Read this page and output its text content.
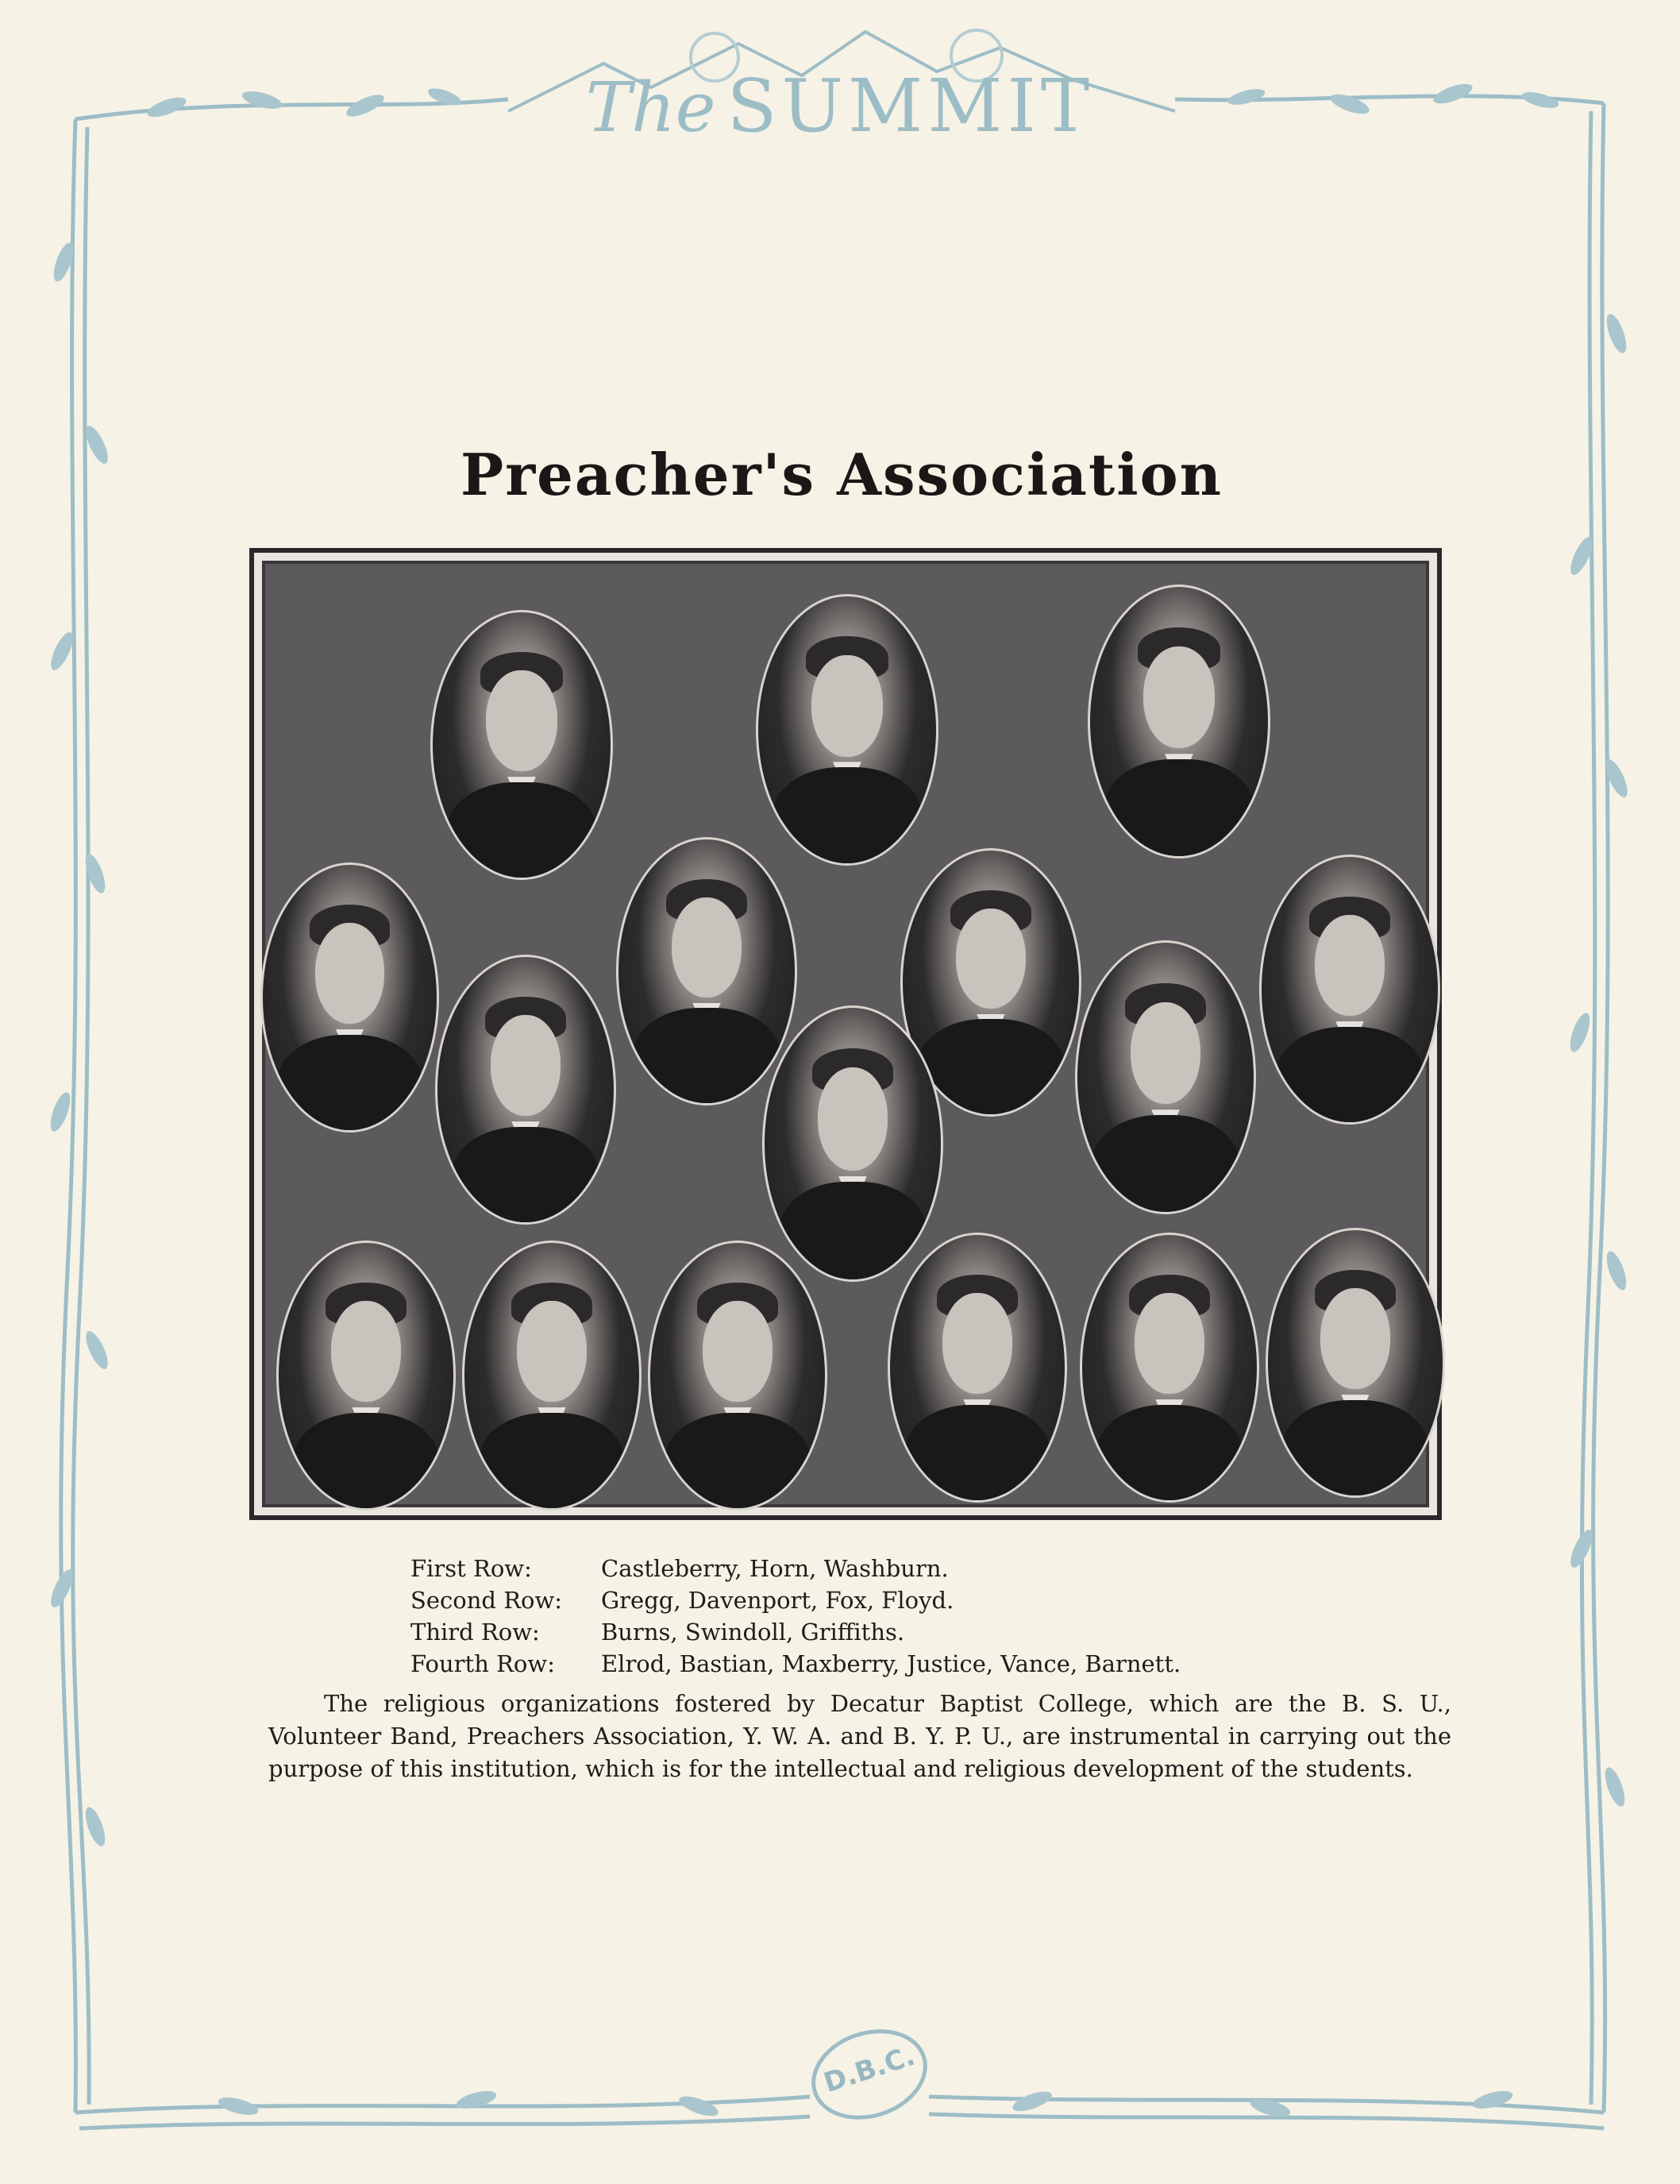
The SUMMIT
Preacher's Association
First Row:	Castleberry, Horn, Washburn.
Second Row: Gregg, Davenport, Fox, Floyd.
Third Row:	Burns, Swindoll, Griffiths.
Fourth Row: Elrod, Bastian, Maxberry, Justice, Vance, Barnett.
The religious organizations fostered by Decatur Baptist College, which are the B. S. U., Volunteer Band, Preachers Association, Y. W. A. and B. Y. P. U., are instrumental in carrying out the purpose of this institution, which is for the intellectual and religious development of the students.
D.B.C.
